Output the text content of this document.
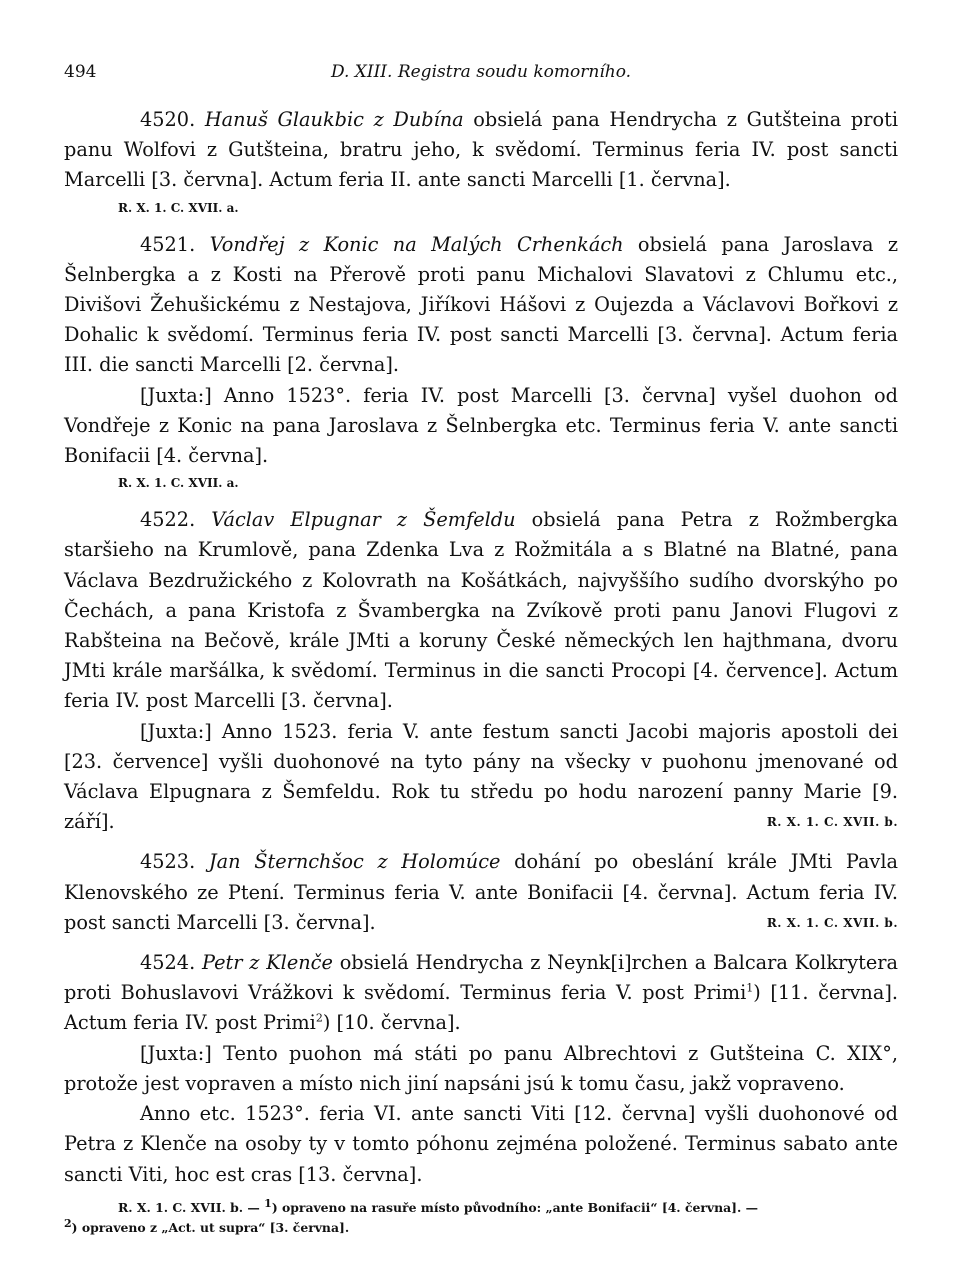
494	D. XIII. Registra soudu komorního.

4520. Hanuš Glaukbic z Dubína obsielá pana Hendrycha z Gutšteina proti panu Wolfovi z Gutšteina, bratru jeho, k svědomí. Terminus feria IV. post sancti Marcelli [3. června]. Actum feria II. ante sancti Marcelli [1. června].

R. X. 1. C. XVII. a.

4521. Vondřej z Konic na Malých Crhenkách obsielá pana Jaroslava z Šelnbergka a z Kosti na Přerově proti panu Michalovi Slavatovi z Chlumu etc., Divišovi Žehušickému z Nestajova, Jiříkovi Hášovi z Oujezda a Václavovi Bořkovi z Dohalic k svědomí. Terminus feria IV. post sancti Marcelli [3. června]. Actum feria III. die sancti Marcelli [2. června].

[Juxta:] Anno 1523°. feria IV. post Marcelli [3. června] vyšel duohon od Vondřeje z Konic na pana Jaroslava z Šelnbergka etc. Terminus feria V. ante sancti Bonifacii [4. června].

R. X. 1. C. XVII. a.

4522. Václav Elpugnar z Šemfeldu obsielá pana Petra z Rožmbergka staršieho na Krumlově, pana Zdenka Lva z Rožmitála a s Blatné na Blatné, pana Václava Bezdružického z Kolovrath na Košátkách, najvyššího sudího dvorskýho po Čechách, a pana Kristofa z Švambergka na Zvíkově proti panu Janovi Flugovi z Rabšteina na Bečově, krále JMti a koruny České německých len hajthmana, dvoru JMti krále maršálka, k svědomí. Terminus in die sancti Procopi [4. července]. Actum feria IV. post Marcelli [3. června].

[Juxta:] Anno 1523. feria V. ante festum sancti Jacobi majoris apostoli dei [23. července] vyšli duohonové na tyto pány na všecky v puohonu jmenované od Václava Elpugnara z Šemfeldu. Rok tu středu po hodu narození panny Marie [9. září].	R. X. 1. C. XVII. b.

4523. Jan Šternchšoc z Holomúce dohání po obeslání krále JMti Pavla Klenovského ze Ptení. Terminus feria V. ante Bonifacii [4. června]. Actum feria IV. post sancti Marcelli [3. června].	R. X. 1. C. XVII. b.

4524. Petr z Klenče obsielá Hendrycha z Neynk[i]rchen a Balcara Kolkrytera proti Bohuslavovi Vrážkovi k svědomí. Terminus feria V. post Primi$^1$) [11. června]. Actum feria IV. post Primi$^2$) [10. června].

[Juxta:] Tento puohon má státi po panu Albrechtovi z Gutšteina C. XIX°, protože jest vopraven a místo nich jiní napsáni jsú k tomu času, jakž vopraveno.

Anno etc. 1523°. feria VI. ante sancti Viti [12. června] vyšli duohonové od Petra z Klenče na osoby ty v tomto póhonu zejména položené. Terminus sabato ante sancti Viti, hoc est cras [13. června].

R. X. 1. C. XVII. b. — 1) opraveno na rasuře místo původního: „ante Bonifacii“ [4. června]. —
2) opraveno z „Act. ut supra“ [3. června].
